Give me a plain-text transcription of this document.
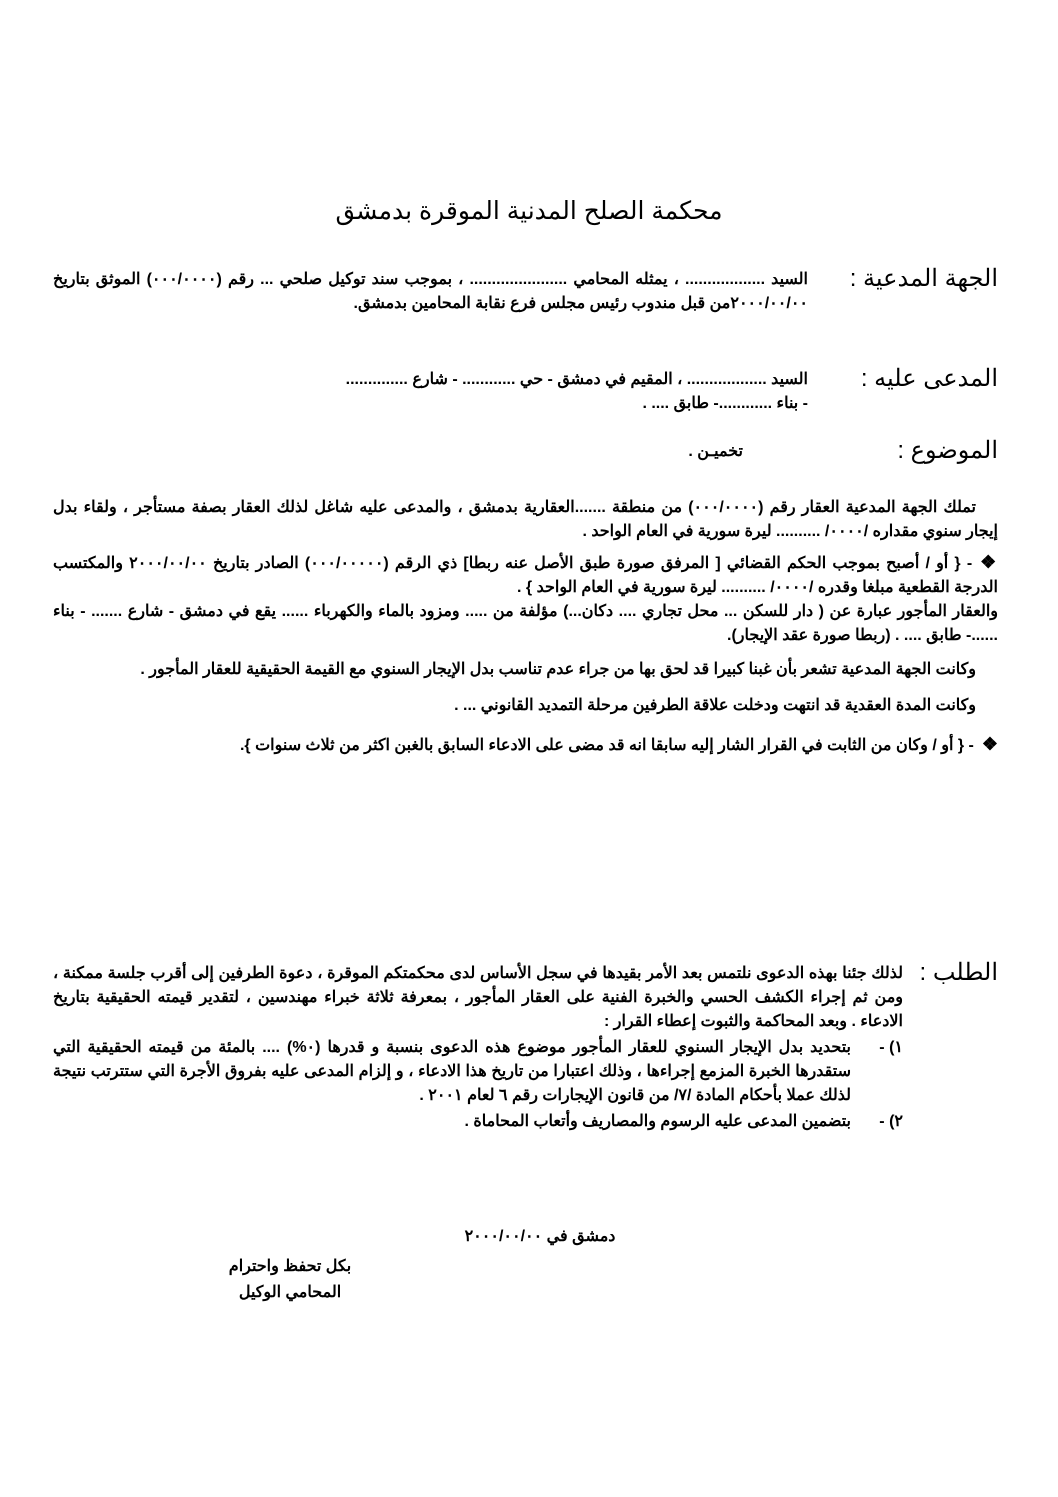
محكمة الصلح المدنية الموقرة بدمشق
الجهة المدعية :

السيد .................. ، يمثله المحامي ...................... ، بموجب سند توكيل صلحي ... رقم (٠٠٠/٠٠٠٠) الموثق بتاريخ ٢٠٠٠/٠٠/٠٠من قبل مندوب رئيس مجلس فرع نقابة المحامين بدمشق.

المدعى عليه :

السيد .................. ، المقيم في دمشق - حي ............ - شارع ..............

- بناء ............- طابق .... .

الموضوع :

تخميـن .

تملك الجهة المدعية العقار رقم (٠٠٠/٠٠٠٠) من منطقة .......العقارية بدمشق ، والمدعى عليه شاغل لذلك العقار بصفة مستأجر ، ولقاء بدل إيجار سنوي مقداره /٠٠٠٠/ .......... ليرة سورية في العام الواحد .

❖- { أو / أصبح بموجب الحكم القضائي [ المرفق صورة طبق الأصل عنه ربطا] ذي الرقم (٠٠٠/٠٠٠٠٠) الصادر بتاريخ ٢٠٠٠/٠٠/٠٠ والمكتسب الدرجة القطعية مبلغا وقدره /٠٠٠٠/ .......... ليرة سورية في العام الواحد } .

والعقار المأجور عبارة عن ( دار للسكن ... محل تجاري .... دكان...) مؤلفة من ..... ومزود بالماء والكهرباء ...... يقع في دمشق - شارع ....... - بناء ......- طابق .... . (ربطا صورة عقد الإيجار).

وكانت الجهة المدعية تشعر بأن غبنا كبيرا قد لحق بها من جراء عدم تناسب بدل الإيجار السنوي مع القيمة الحقيقية للعقار المأجور .

وكانت المدة العقدية قد انتهت ودخلت علاقة الطرفين مرحلة التمديد القانوني ... .

❖- { أو / وكان من الثابت في القرار الشار إليه سابقا انه قد مضى على الادعاء السابق بالغبن اكثر من ثلاث سنوات }.

الطلب :

لذلك جئنا بهذه الدعوى نلتمس بعد الأمر بقيدها في سجل الأساس لدى محكمتكم الموقرة ، دعوة الطرفين إلى أقرب جلسة ممكنة ، ومن ثم إجراء الكشف الحسي والخبرة الفنية على العقار المأجور ، بمعرفة ثلاثة خبراء مهندسين ، لتقدير قيمته الحقيقية بتاريخ الادعاء . وبعد المحاكمة والثبوت إعطاء القرار :

١) -

بتحديد بدل الإيجار السنوي للعقار المأجور موضوع هذه الدعوى بنسبة و قدرها (٠%) .... بالمئة من قيمته الحقيقية التي ستقدرها الخبرة المزمع إجراءها ، وذلك اعتبارا من تاريخ هذا الادعاء ، و إلزام المدعى عليه بفروق الأجرة التي ستترتب نتيجة لذلك عملا بأحكام المادة /٧/ من قانون الإيجارات رقم ٦ لعام ٢٠٠١ .

٢) -

بتضمين المدعى عليه الرسوم والمصاريف وأتعاب المحاماة .

دمشق في ٢٠٠٠/٠٠/٠٠
بكل تحفظ واحترام
المحامي الوكيل
